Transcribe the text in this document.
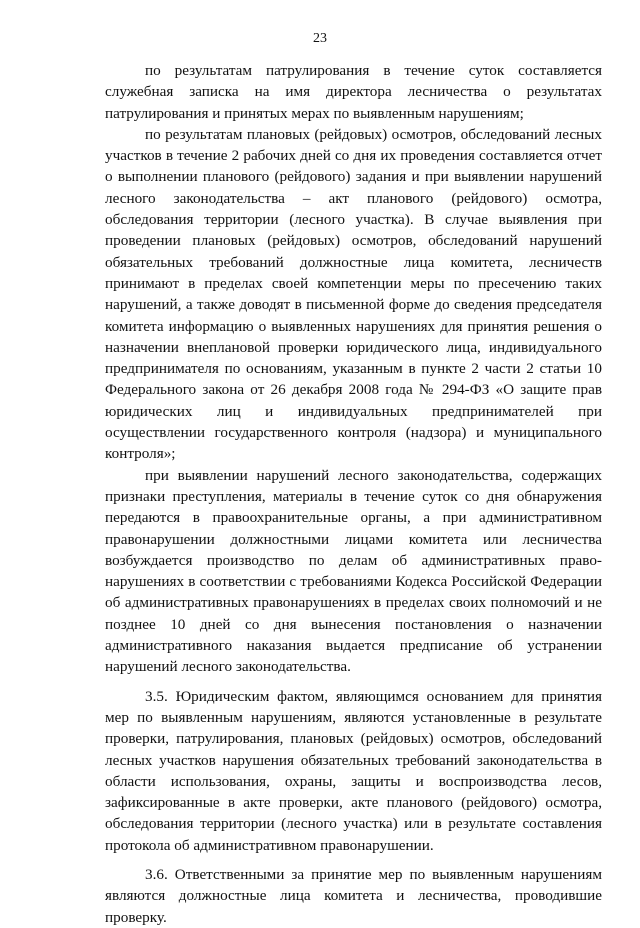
23

по результатам патрулирования в течение суток составляется служебная записка на имя директора лесничества о результатах патрулирования и принятых мерах по выявленным нарушениям;

по результатам плановых (рейдовых) осмотров, обследований лесных участков в течение 2 рабочих дней со дня их проведения составляется отчет о выполнении планового (рейдового) задания и при выявлении нарушений лесного законодательства – акт планового (рейдового) осмотра, обследования территории (лесного участка). В случае выявления при проведении плановых (рейдовых) осмотров, обследований нарушений обязательных требований должностные лица комитета, лесничеств принимают в пределах своей компетенции меры по пресечению таких нарушений, а также доводят в письменной форме до сведения председателя комитета информацию о выявленных нарушениях для принятия решения о назначении внеплановой проверки юридического лица, индивидуального предпринимателя по основаниям, указанным в пункте 2 части 2 статьи 10 Федерального закона от 26 декабря 2008 года № 294-ФЗ «О защите прав юридических лиц и индивидуальных предпринимателей при осуществлении государственного контроля (надзора) и муниципального контроля»;

при выявлении нарушений лесного законодательства, содержащих признаки преступления, материалы в течение суток со дня обнаружения передаются в правоохранительные органы, а при административном правонарушении должностными лицами комитета или лесничества возбуждается производство по делам об административных право- нарушениях в соответствии с требованиями Кодекса Российской Федерации об административных правонарушениях в пределах своих полномочий и не позднее 10 дней со дня вынесения постановления о назначении административного наказания выдается предписание об устранении нарушений лесного законодательства.

3.5. Юридическим фактом, являющимся основанием для принятия мер по выявленным нарушениям, являются установленные в результате проверки, патрулирования, плановых (рейдовых) осмотров, обследований лесных участков нарушения обязательных требований законодательства в области использования, охраны, защиты и воспроизводства лесов, зафиксированные в акте проверки, акте планового (рейдового) осмотра, обследования территории (лесного участка) или в результате составления протокола об административном правонарушении.

3.6. Ответственными за принятие мер по выявленным нарушениям являются должностные лица комитета и лесничества, проводившие проверку.
